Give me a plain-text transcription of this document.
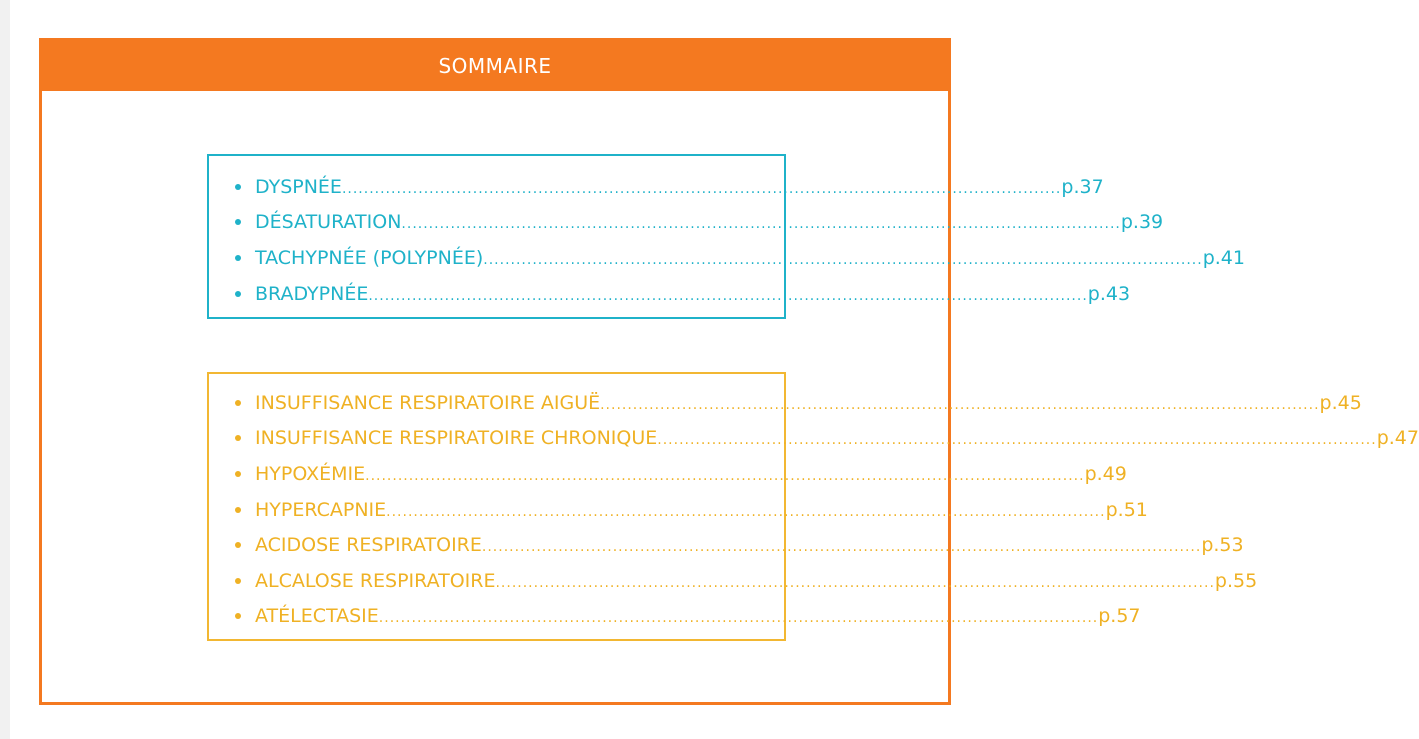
SOMMAIRE
DYSPNÉE .................................................................................................................................... p.37
DÉSATURATION .................................................................................................................................... p.39
TACHYPNÉE (POLYPNÉE) .................................................................................................................................... p.41
BRADYPNÉE .................................................................................................................................... p.43
INSUFFISANCE RESPIRATOIRE AIGUË .................................................................................................................................... p.45
INSUFFISANCE RESPIRATOIRE CHRONIQUE .................................................................................................................................... p.47
HYPOXÉMIE .................................................................................................................................... p.49
HYPERCAPNIE .................................................................................................................................... p.51
ACIDOSE RESPIRATOIRE .................................................................................................................................... p.53
ALCALOSE RESPIRATOIRE .................................................................................................................................... p.55
ATÉLECTASIE .................................................................................................................................... p.57
